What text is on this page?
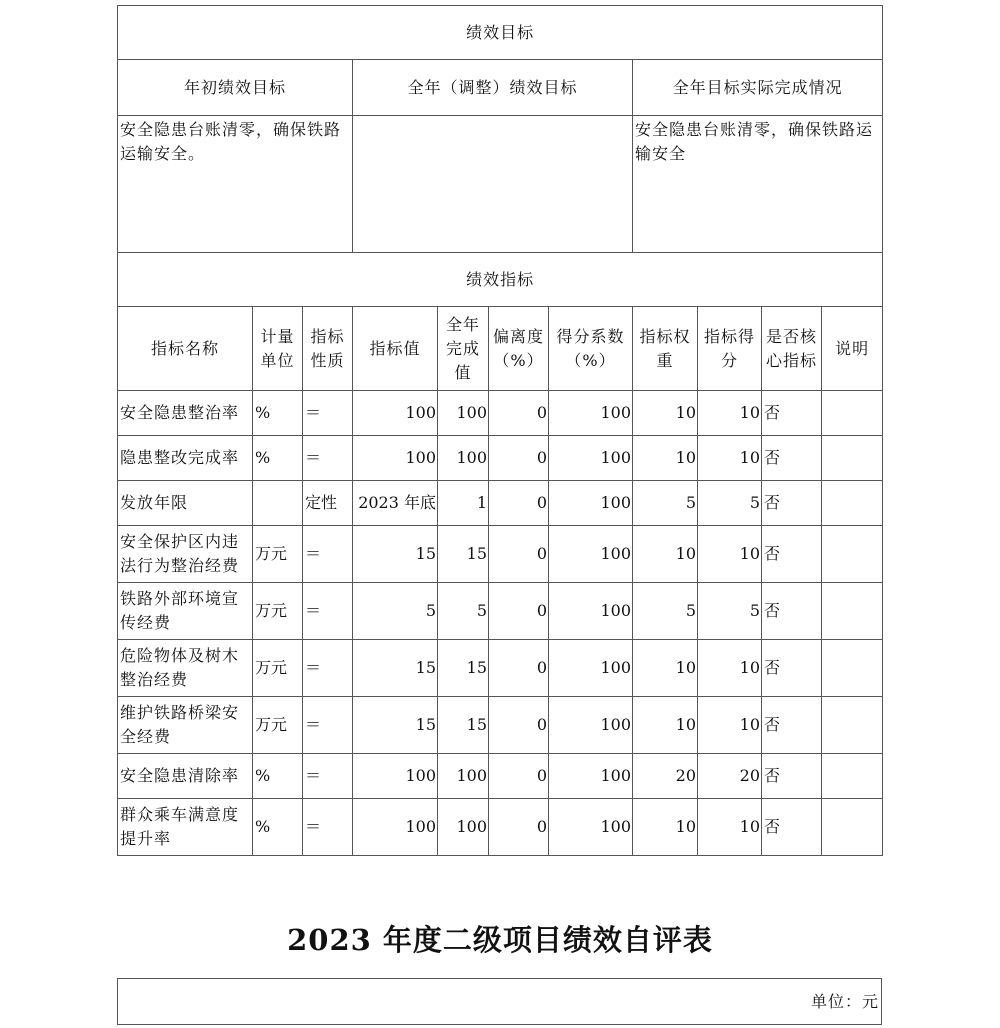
绩效目标										
年初绩效目标			全年（调整）绩效目标				全年目标实际完成情况			
安全隐患台账清零，确保铁路运输安全。							安全隐患台账清零，确保铁路运输安全			
绩效指标										
指标名称	计量单位	指标性质	指标值	全年完成值	偏离度（%）	得分系数（%）	指标权重	指标得分	是否核心指标	说明
安全隐患整治率	%	＝	100	100	0	100	10	10	否	
隐患整改完成率	%	＝	100	100	0	100	10	10	否	
发放年限		定性	2023 年底	1	0	100	5	5	否	
安全保护区内违法行为整治经费	万元	＝	15	15	0	100	10	10	否	
铁路外部环境宣传经费	万元	＝	5	5	0	100	5	5	否	
危险物体及树木整治经费	万元	＝	15	15	0	100	10	10	否	
维护铁路桥梁安全经费	万元	＝	15	15	0	100	10	10	否	
安全隐患清除率	%	＝	100	100	0	100	20	20	否	
群众乘车满意度提升率	%	＝	100	100	0	100	10	10	否	
2023 年度二级项目绩效自评表
单位：元
